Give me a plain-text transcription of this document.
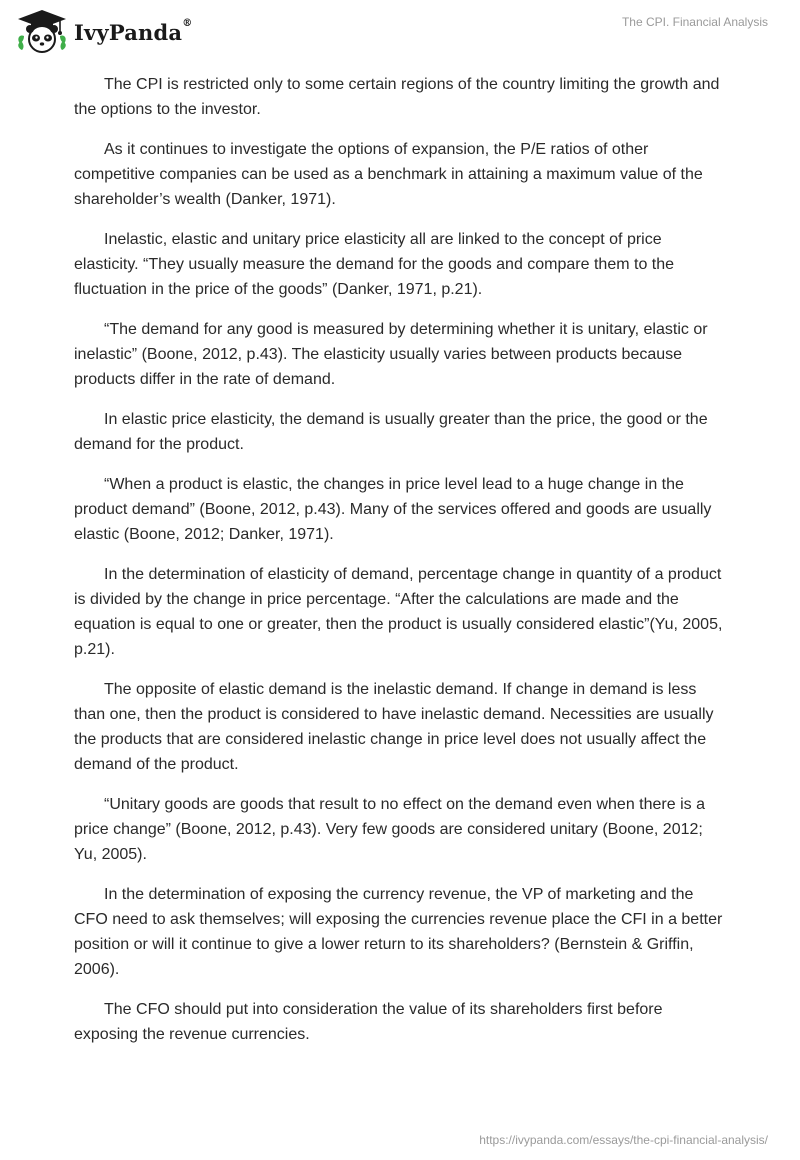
IvyPanda®	The CPI. Financial Analysis

The CPI is restricted only to some certain regions of the country limiting the growth and the options to the investor.

As it continues to investigate the options of expansion, the P/E ratios of other competitive companies can be used as a benchmark in attaining a maximum value of the shareholder’s wealth (Danker, 1971).

Inelastic, elastic and unitary price elasticity all are linked to the concept of price elasticity. “They usually measure the demand for the goods and compare them to the fluctuation in the price of the goods” (Danker, 1971, p.21).

“The demand for any good is measured by determining whether it is unitary, elastic or inelastic” (Boone, 2012, p.43). The elasticity usually varies between products because products differ in the rate of demand.

In elastic price elasticity, the demand is usually greater than the price, the good or the demand for the product.

“When a product is elastic, the changes in price level lead to a huge change in the product demand” (Boone, 2012, p.43). Many of the services offered and goods are usually elastic (Boone, 2012; Danker, 1971).

In the determination of elasticity of demand, percentage change in quantity of a product is divided by the change in price percentage. “After the calculations are made and the equation is equal to one or greater, then the product is usually considered elastic”(Yu, 2005, p.21).

The opposite of elastic demand is the inelastic demand. If change in demand is less than one, then the product is considered to have inelastic demand. Necessities are usually the products that are considered inelastic change in price level does not usually affect the demand of the product.

“Unitary goods are goods that result to no effect on the demand even when there is a price change” (Boone, 2012, p.43). Very few goods are considered unitary (Boone, 2012; Yu, 2005).

In the determination of exposing the currency revenue, the VP of marketing and the CFO need to ask themselves; will exposing the currencies revenue place the CFI in a better position or will it continue to give a lower return to its shareholders? (Bernstein & Griffin, 2006).

The CFO should put into consideration the value of its shareholders first before exposing the revenue currencies.

https://ivypanda.com/essays/the-cpi-financial-analysis/
